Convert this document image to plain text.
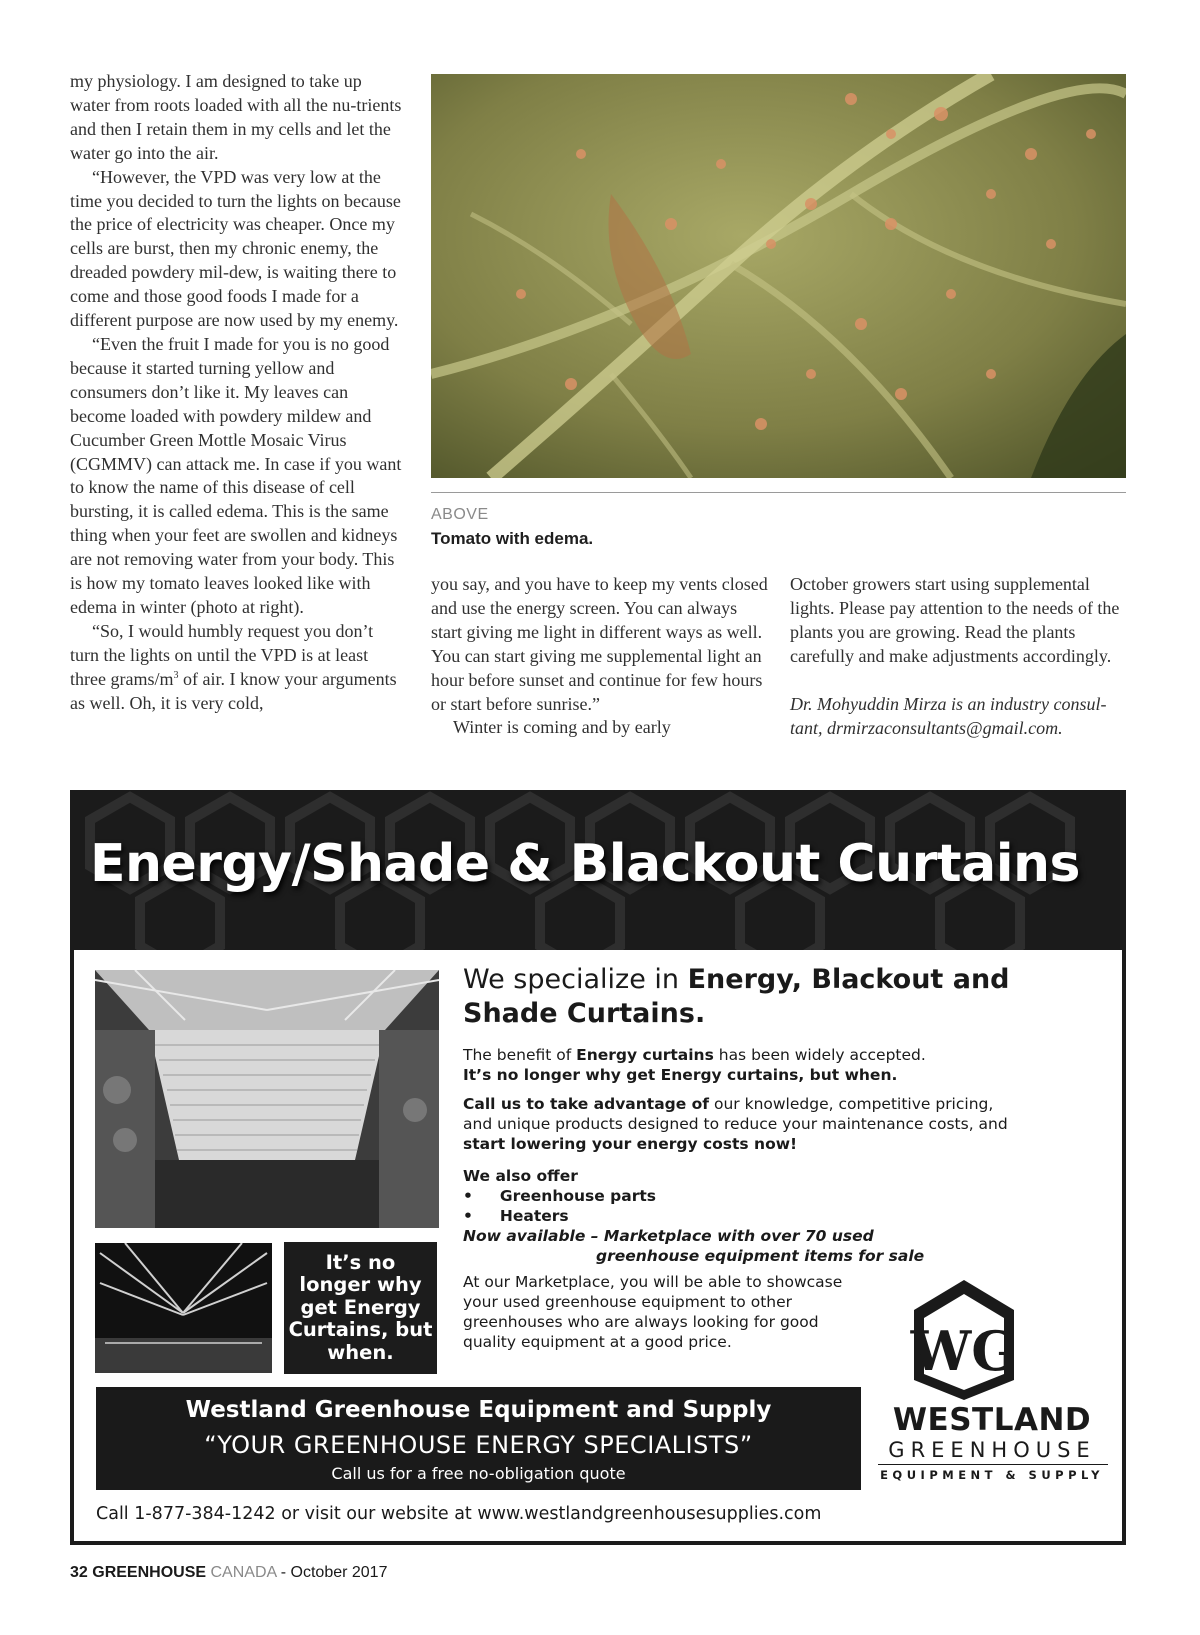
my physiology. I am designed to take up water from roots loaded with all the nu-trients and then I retain them in my cells and let the water go into the air.

“However, the VPD was very low at the time you decided to turn the lights on because the price of electricity was cheaper. Once my cells are burst, then my chronic enemy, the dreaded powdery mil-dew, is waiting there to come and those good foods I made for a different purpose are now used by my enemy.

“Even the fruit I made for you is no good because it started turning yellow and consumers don’t like it. My leaves can become loaded with powdery mildew and Cucumber Green Mottle Mosaic Virus (CGMMV) can attack me. In case if you want to know the name of this disease of cell bursting, it is called edema. This is the same thing when your feet are swollen and kidneys are not removing water from your body. This is how my tomato leaves looked like with edema in winter (photo at right).

“So, I would humbly request you don’t turn the lights on until the VPD is at least three grams/$m^3$ of air. I know your arguments as well. Oh, it is very cold,

ABOVE
Tomato with edema.

you say, and you have to keep my vents closed and use the energy screen. You can always start giving me light in different ways as well. You can start giving me supplemental light an hour before sunset and continue for few hours or start before sunrise.”

Winter is coming and by early

October growers start using supplemental lights. Please pay attention to the needs of the plants you are growing. Read the plants carefully and make adjustments accordingly.

Dr. Mohyuddin Mirza is an industry consul-tant, drmirzaconsultants@gmail.com.

Energy/Shade & Blackout Curtains
It’s no longer why get Energy Curtains, but when.
We specialize in Energy, Blackout and Shade Curtains.
The benefit of Energy curtains has been widely accepted.
It’s no longer why get Energy curtains, but when.
Call us to take advantage of our knowledge, competitive pricing, and unique products designed to reduce your maintenance costs, and start lowering your energy costs now!
We also offer
•     Greenhouse parts
•     Heaters
Now available – Marketplace with over 70 used
greenhouse equipment items for sale
At our Marketplace, you will be able to showcase your used greenhouse equipment to other greenhouses who are always looking for good quality equipment at a good price.	WG
WESTLAND
GREENHOUSE
EQUIPMENT & SUPPLY
Westland Greenhouse Equipment and Supply
“YOUR GREENHOUSE ENERGY SPECIALISTS”
Call us for a free no-obligation quote
Call 1-877-384-1242 or visit our website at www.westlandgreenhousesupplies.com
32 GREENHOUSE CANADA - October 2017
